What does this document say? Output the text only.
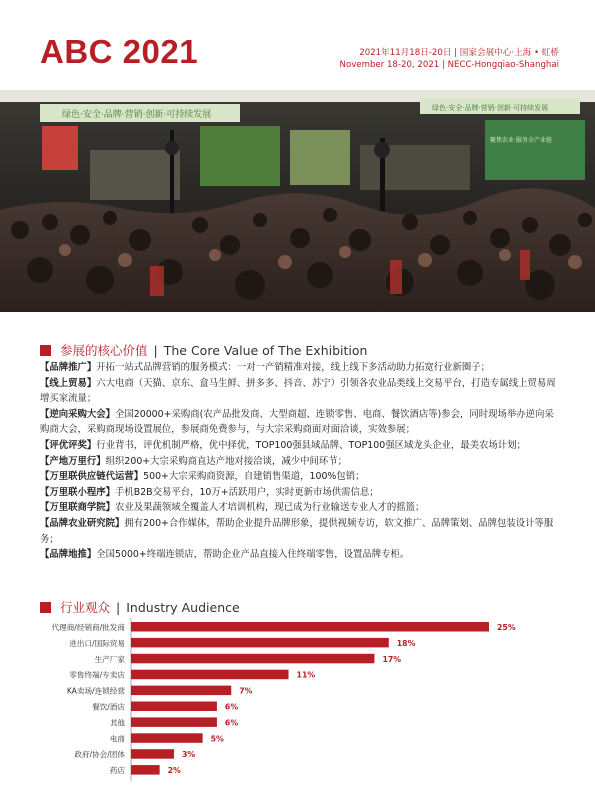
ABC 2021	2021年11月18日-20日 | 国家会展中心·上海 • 虹桥
November 18-20, 2021 | NECC-Hongqiao-Shanghai
绿色·安全·品牌·营销·创新·可持续发展
绿色·安全·品牌·营销·创新·可持续发展
聚焦农业·服务全产业链
参展的核心价值 | The Core Value of The Exhibition

【品牌推广】开拓一站式品牌营销的服务模式：一对一产销精准对接，线上线下多活动助力拓宽行业新圈子；

【线上贸易】六大电商（天猫、京东、盒马生鲜、拼多多、抖音、苏宁）引领各农业品类线上交易平台，打造专属线上贸易周增买家流量；

【逆向采购大会】全国20000+采购商(农产品批发商、大型商超、连锁零售、电商、餐饮酒店等)参会，同时现场举办逆向采购商大会，采购商现场设置展位，参展商免费参与，与大宗采购商面对面洽谈，实效参展；

【评优评奖】行业背书，评优机制严格，优中择优，TOP100强县域品牌、TOP100强区域龙头企业，最美农场计划；

【产地万里行】组织200+大宗采购商直达产地对接洽谈，减少中间环节；

【万里联供应链代运营】500+大宗采购商资源，自建销售渠道，100%包销；

【万里联小程序】手机B2B交易平台，10万+活跃用户，实时更新市场供需信息；

【万里联商学院】农业及果蔬领域全覆盖人才培训机构，现已成为行业输送专业人才的摇篮；

【品牌农业研究院】拥有200+合作媒体，帮助企业提升品牌形象，提供视频专访，软文推广、品牌策划、品牌包装设计等服务；

【品牌地推】全国5000+终端连锁店，帮助企业产品直接入住终端零售，设置品牌专柜。

行业观众 | Industry Audience
代理商/经销商/批发商	25%
进出口/国际贸易	18%
生产厂家	17%
零售终端/专卖店	11%
KA卖场/连锁经营	7%
餐饮/酒店	6%
其他	6%
电商	5%
政府/协会/团体	3%
药店	2%
